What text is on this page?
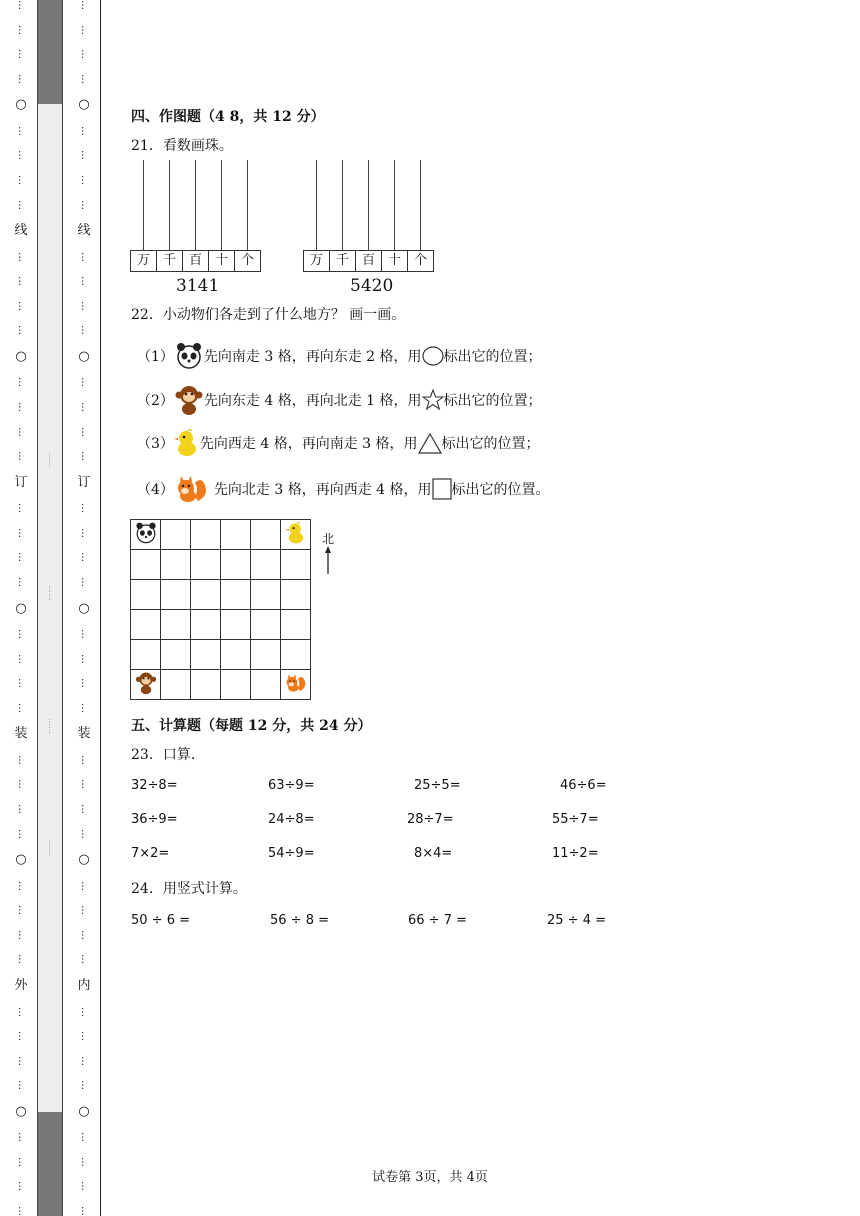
…
…
…
…
○
…
…
…
…
线
…
…
…
…
○
…
…
…
…
订
…
…
…
…
○
…
…
…
…
装
…
…
…
…
○
…
…
…
…
外
…
…
…
…
○
…
…
…
…
……
……
……
……
…
…
…
…
○
…
…
…
…
线
…
…
…
…
○
…
…
…
…
订
…
…
…
…
○
…
…
…
…
装
…
…
…
…
○
…
…
…
…
内
…
…
…
…
○
…
…
…
…
四、作图题（4 8，共 12 分）
21．看数画珠。
万 千 百 十 个
3141
万 千 百 十 个
5420
22．小动物们各走到了什么地方？ 画一画。
（1） 先向南走 3 格，再向东走 2 格，用 标出它的位置；
（2） 先向东走 4 格，再向北走 1 格，用 标出它的位置；
（3） 先向西走 4 格，再向南走 3 格，用 标出它的位置；
（4）	先向北走 3 格，再向西走 4 格，用 标出它的位置。

北
五、计算题（每题 12 分，共 24 分）
23．口算.
32÷8=	63÷9=	25÷5=	46÷6=
36÷9=	24÷8=	28÷7=	55÷7=
7×2=	54÷9=	8×4=	11÷2=
24．用竖式计算。
50 ÷ 6 =	56 ÷ 8 =	66 ÷ 7 =	25 ÷ 4 =
试卷第 3页，共 4页
